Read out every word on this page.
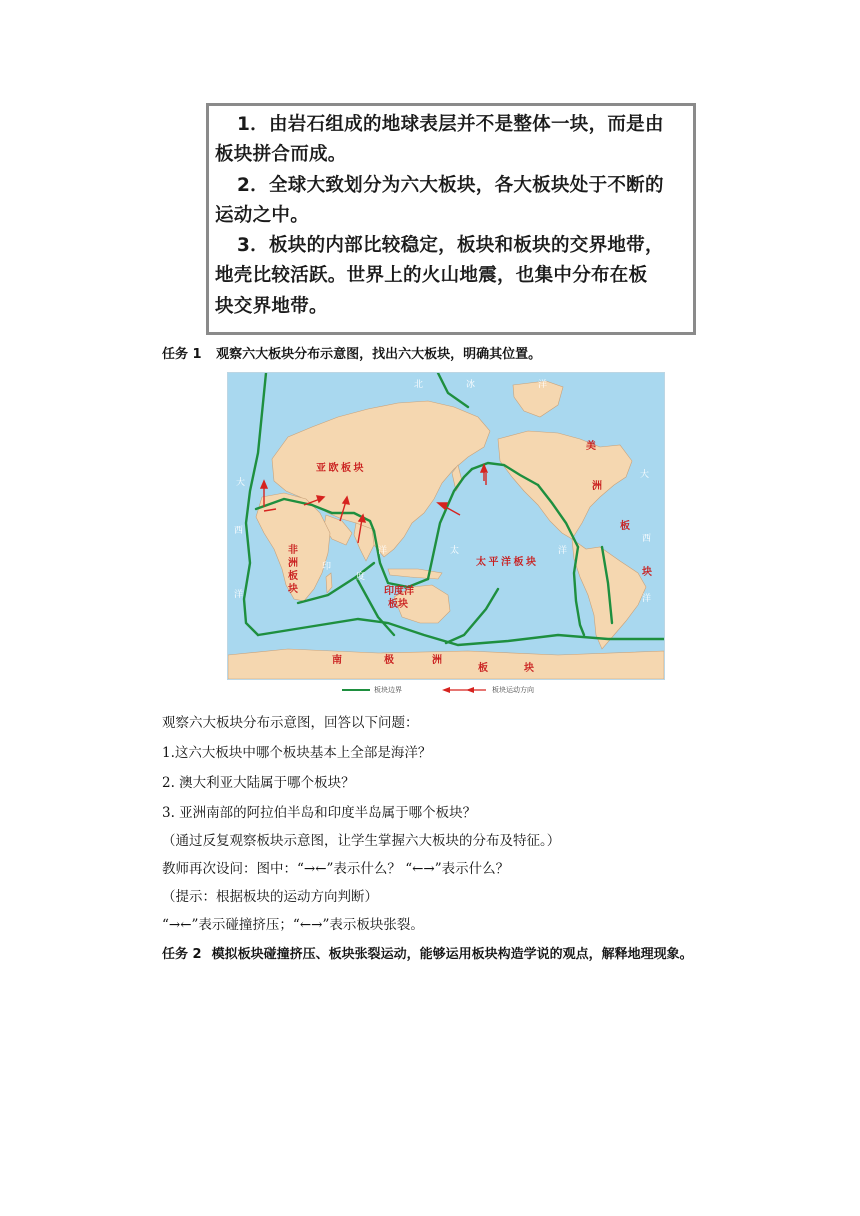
1．由岩石组成的地球表层并不是整体一块，而是由

板块拼合而成。

2．全球大致划分为六大板块，各大板块处于不断的

运动之中。

3．板块的内部比较稳定，板块和板块的交界地带，

地壳比较活跃。世界上的火山地震，也集中分布在板

块交界地带。

任务 1 观察六大板块分布示意图，找出六大板块，明确其位置。
亚 欧 板 块
太 平 洋 板 块
非
洲
板
块	印度洋
板块
美
洲
板
块
南	极	洲
板	块
北	冰	洋
大
西
洋
印
度
洋	太	洋
大
西
洋
板块边界	板块运动方向
观察六大板块分布示意图，回答以下问题：
1.这六大板块中哪个板块基本上全部是海洋？
2. 澳大利亚大陆属于哪个板块？
3. 亚洲南部的阿拉伯半岛和印度半岛属于哪个板块？
（通过反复观察板块示意图，让学生掌握六大板块的分布及特征。）
教师再次设问：图中：“→←”表示什么？ “←→”表示什么？
（提示：根据板块的运动方向判断）
“→←”表示碰撞挤压；“←→”表示板块张裂。
任务 2 模拟板块碰撞挤压、板块张裂运动，能够运用板块构造学说的观点，解释地理现象。
